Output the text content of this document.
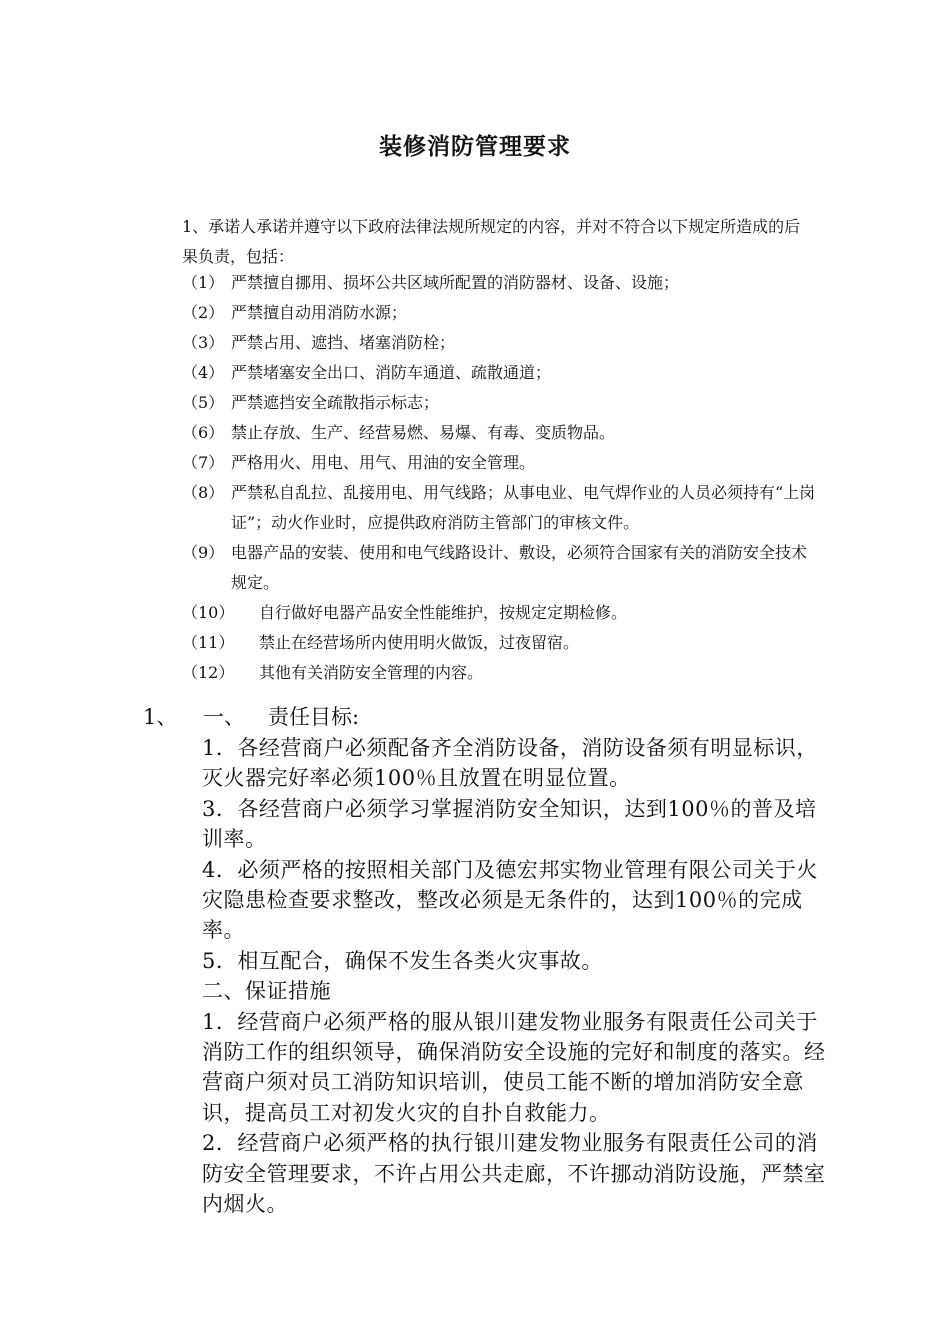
装修消防管理要求
1、承诺人承诺并遵守以下政府法律法规所规定的内容，并对不符合以下规定所造成的后果负责，包括：
（1） 严禁擅自挪用、损坏公共区域所配置的消防器材、设备、设施；
（2） 严禁擅自动用消防水源；
（3） 严禁占用、遮挡、堵塞消防栓；
（4） 严禁堵塞安全出口、消防车通道、疏散通道；
（5） 严禁遮挡安全疏散指示标志；
（6） 禁止存放、生产、经营易燃、易爆、有毒、变质物品。
（7） 严格用火、用电、用气、用油的安全管理。
（8） 严禁私自乱拉、乱接用电、用气线路；从事电业、电气焊作业的人员必须持有“上岗证”；动火作业时，应提供政府消防主管部门的审核文件。
（9） 电器产品的安装、使用和电气线路设计、敷设，必须符合国家有关的消防安全技术规定。
（10）	自行做好电器产品安全性能维护，按规定定期检修。
（11）	禁止在经营场所内使用明火做饭，过夜留宿。
（12）	其他有关消防安全管理的内容。
1、	一、	责任目标:

1．各经营商户必须配备齐全消防设备，消防设备须有明显标识，灭火器完好率必须100％且放置在明显位置。

3．各经营商户必须学习掌握消防安全知识，达到100％的普及培训率。

4．必须严格的按照相关部门及德宏邦实物业管理有限公司关于火灾隐患检查要求整改，整改必须是无条件的，达到100％的完成率。

5．相互配合，确保不发生各类火灾事故。

二、保证措施

1．经营商户必须严格的服从银川建发物业服务有限责任公司关于消防工作的组织领导，确保消防安全设施的完好和制度的落实。经营商户须对员工消防知识培训，使员工能不断的增加消防安全意识，提高员工对初发火灾的自扑自救能力。

2．经营商户必须严格的执行银川建发物业服务有限责任公司的消防安全管理要求，不许占用公共走廊，不许挪动消防设施，严禁室内烟火。
